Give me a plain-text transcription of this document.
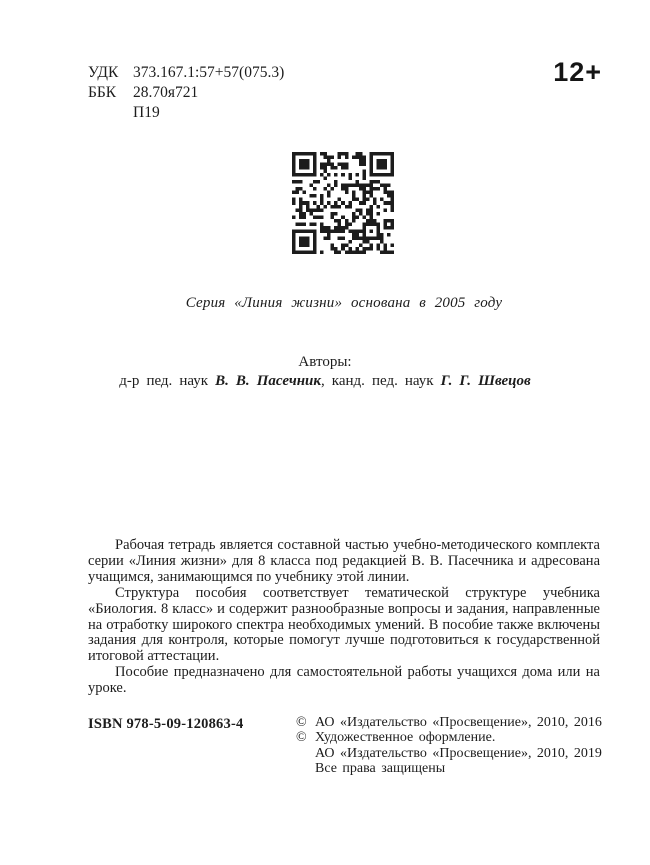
УДК 373.167.1:57+57(075.3)
ББК 28.70я721
П19
12+
Серия «Линия жизни» основана в 2005 году
Авторы:
д-р пед. наук В. В. Пасечник, канд. пед. наук Г. Г. Швецов

Рабочая тетрадь является составной частью учебно-методического комплекта серии «Линия жизни» для 8 класса под редакцией В. В. Пасечника и адресована учащимся, занимающимся по учебнику этой линии.

Структура пособия соответствует тематической структуре учебника «Биология. 8 класс» и содержит разнообразные вопросы и задания, направленные на отработку широкого спектра необходимых умений. В пособие также включены задания для контроля, которые помогут лучше подготовиться к государственной итоговой аттестации.

Пособие предназначено для самостоятельной работы учащихся дома или на уроке.

ISBN 978-5-09-120863-4	© АО «Издательство «Просвещение», 2010, 2016
© Художественное оформление.
АО «Издательство «Просвещение», 2010, 2019
Все права защищены
